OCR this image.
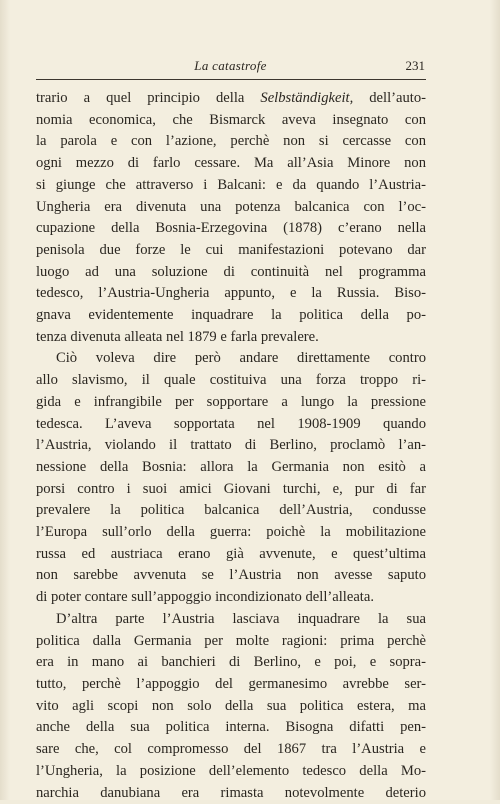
La catastrofe	231
trario a quel principio della Selbständigkeit, dell’auto-
nomia economica, che Bismarck aveva insegnato con
la parola e con l’azione, perchè non si cercasse con
ogni mezzo di farlo cessare. Ma all’Asia Minore non
si giunge che attraverso i Balcani: e da quando l’Austria-
Ungheria era divenuta una potenza balcanica con l’oc-
cupazione della Bosnia-Erzegovina (1878) c’erano nella
penisola due forze le cui manifestazioni potevano dar
luogo ad una soluzione di continuità nel programma
tedesco, l’Austria-Ungheria appunto, e la Russia. Biso-
gnava evidentemente inquadrare la politica della po-
tenza divenuta alleata nel 1879 e farla prevalere.
Ciò voleva dire però andare direttamente contro
allo slavismo, il quale costituiva una forza troppo ri-
gida e infrangibile per sopportare a lungo la pressione
tedesca. L’aveva sopportata nel 1908-1909 quando
l’Austria, violando il trattato di Berlino, proclamò l’an-
nessione della Bosnia: allora la Germania non esitò a
porsi contro i suoi amici Giovani turchi, e, pur di far
prevalere la politica balcanica dell’Austria, condusse
l’Europa sull’orlo della guerra: poichè la mobilitazione
russa ed austriaca erano già avvenute, e quest’ultima
non sarebbe avvenuta se l’Austria non avesse saputo
di poter contare sull’appoggio incondizionato dell’alleata.
D’altra parte l’Austria lasciava inquadrare la sua
politica dalla Germania per molte ragioni: prima perchè
era in mano ai banchieri di Berlino, e poi, e sopra-
tutto, perchè l’appoggio del germanesimo avrebbe ser-
vito agli scopi non solo della sua politica estera, ma
anche della sua politica interna. Bisogna difatti pen-
sare che, col compromesso del 1867 tra l’Austria e
l’Ungheria, la posizione dell’elemento tedesco della Mo-
narchia danubiana era rimasta notevolmente deterio
